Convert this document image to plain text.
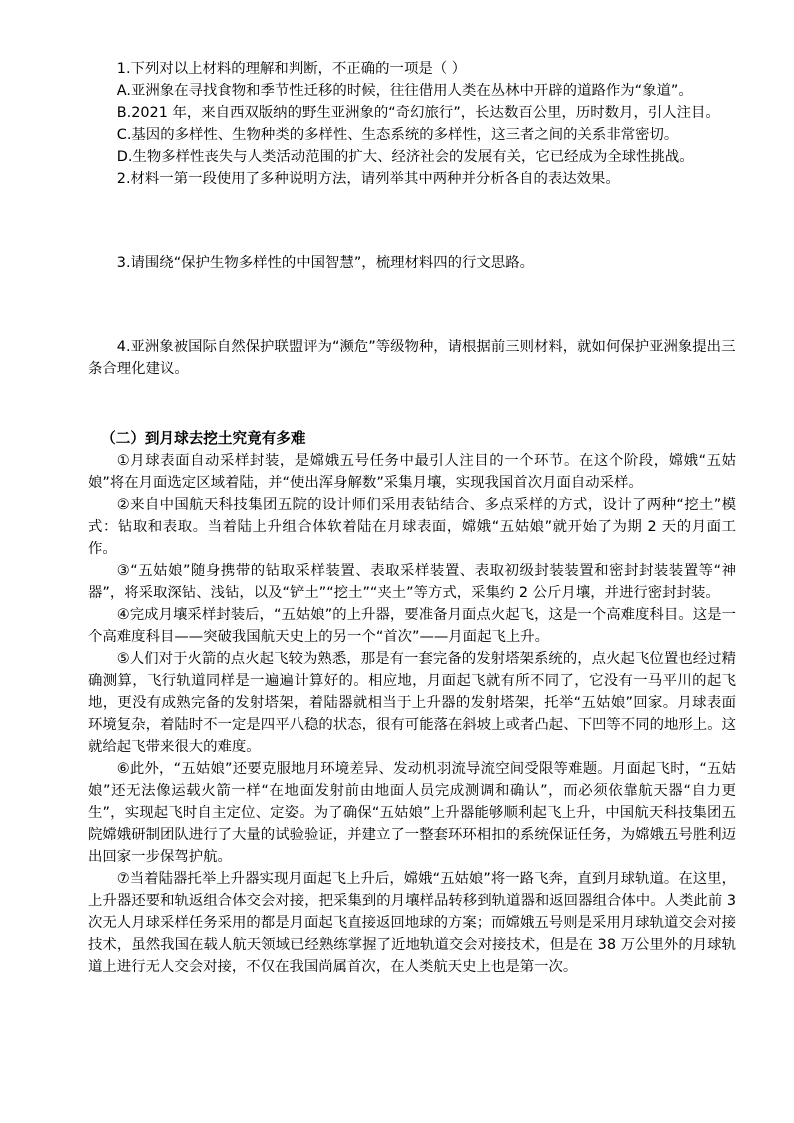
1.下列对以上材料的理解和判断，不正确的一项是（ ）

A.亚洲象在寻找食物和季节性迁移的时候，往往借用人类在丛林中开辟的道路作为“象道”。

B.2021 年，来自西双版纳的野生亚洲象的“奇幻旅行”，长达数百公里，历时数月，引人注目。

C.基因的多样性、生物种类的多样性、生态系统的多样性，这三者之间的关系非常密切。

D.生物多样性丧失与人类活动范围的扩大、经济社会的发展有关，它已经成为全球性挑战。

2.材料一第一段使用了多种说明方法，请列举其中两种并分析各自的表达效果。

3.请围绕“保护生物多样性的中国智慧”，梳理材料四的行文思路。

4.亚洲象被国际自然保护联盟评为“濒危”等级物种，请根据前三则材料，就如何保护亚洲象提出三条合理化建议。

（二）到月球去挖土究竟有多难

①月球表面自动采样封装，是嫦娥五号任务中最引人注目的一个环节。在这个阶段，嫦娥“五姑娘”将在月面选定区域着陆，并“使出浑身解数”采集月壤，实现我国首次月面自动采样。

②来自中国航天科技集团五院的设计师们采用表钻结合、多点采样的方式，设计了两种“挖土”模式：钻取和表取。当着陆上升组合体软着陆在月球表面，嫦娥“五姑娘”就开始了为期 2 天的月面工作。

③“五姑娘”随身携带的钻取采样装置、表取采样装置、表取初级封装装置和密封封装装置等“神器”，将采取深钻、浅钻，以及“铲土”“挖土”“夹土”等方式，采集约 2 公斤月壤，并进行密封封装。

④完成月壤采样封装后，“五姑娘”的上升器，要准备月面点火起飞，这是一个高难度科目。这是一个高难度科目——突破我国航天史上的另一个“首次”——月面起飞上升。

⑤人们对于火箭的点火起飞较为熟悉，那是有一套完备的发射塔架系统的，点火起飞位置也经过精确测算，飞行轨道同样是一遍遍计算好的。相应地，月面起飞就有所不同了，它没有一马平川的起飞地，更没有成熟完备的发射塔架，着陆器就相当于上升器的发射塔架，托举“五姑娘”回家。月球表面环境复杂，着陆时不一定是四平八稳的状态，很有可能落在斜坡上或者凸起、下凹等不同的地形上。这就给起飞带来很大的难度。

⑥此外，“五姑娘”还要克服地月环境差异、发动机羽流导流空间受限等难题。月面起飞时，“五姑娘”还无法像运载火箭一样“在地面发射前由地面人员完成测调和确认”，而必须依靠航天器“自力更生”，实现起飞时自主定位、定姿。为了确保“五姑娘”上升器能够顺利起飞上升，中国航天科技集团五院嫦娥研制团队进行了大量的试验验证，并建立了一整套环环相扣的系统保证任务，为嫦娥五号胜利迈出回家一步保驾护航。

⑦当着陆器托举上升器实现月面起飞上升后，嫦娥“五姑娘”将一路飞奔，直到月球轨道。在这里，上升器还要和轨返组合体交会对接，把采集到的月壤样品转移到轨道器和返回器组合体中。人类此前 3 次无人月球采样任务采用的都是月面起飞直接返回地球的方案；而嫦娥五号则是采用月球轨道交会对接技术，虽然我国在载人航天领域已经熟练掌握了近地轨道交会对接技术，但是在 38 万公里外的月球轨道上进行无人交会对接，不仅在我国尚属首次，在人类航天史上也是第一次。
